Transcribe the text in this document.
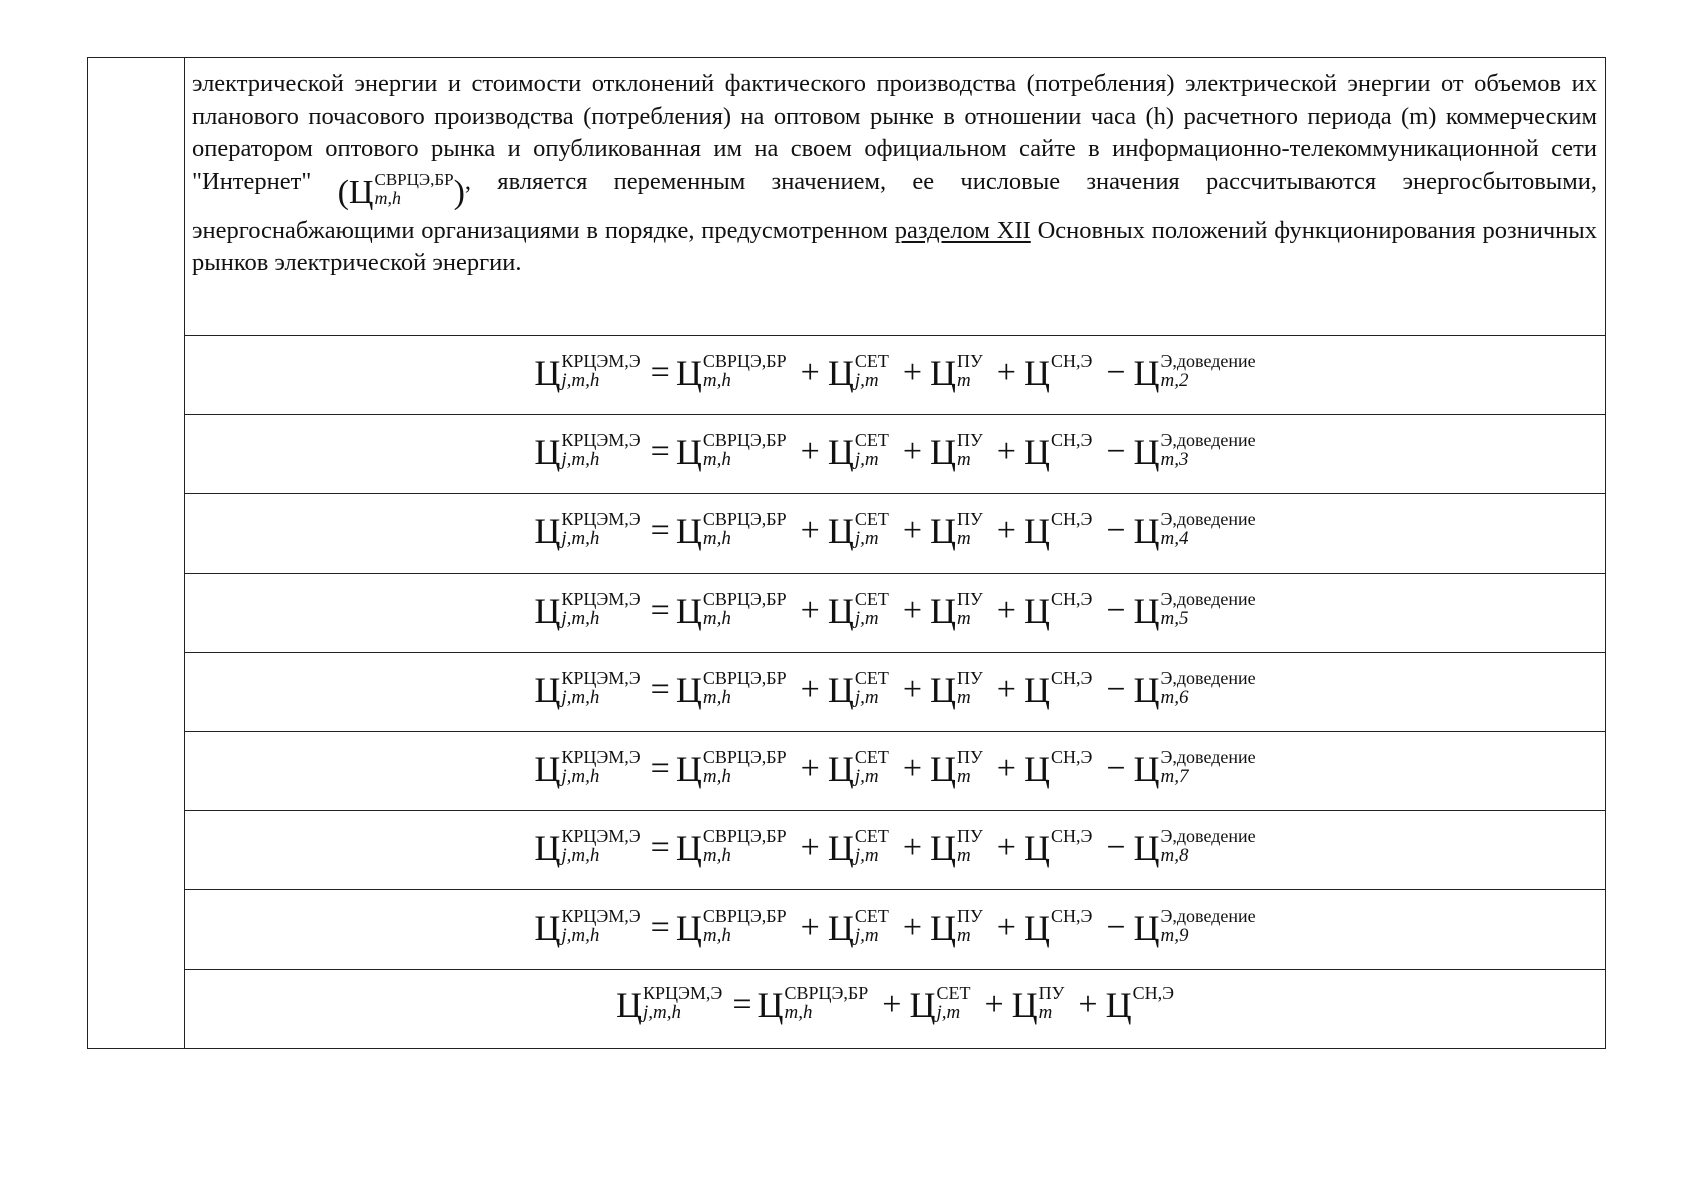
электрической энергии и стоимости отклонений фактического производства (потребления) электрической энергии от объемов их планового почасового производства (потребления) на оптовом рынке в отношении часа (h) расчетного периода (m) коммерческим оператором оптового рынка и опубликованная им на своем официальном сайте в информационно-телекоммуникационной сети "Интернет" ( Ц СВРЦЭ,БР
m,h ) , является переменным значением, ее числовые значения рассчитываются энергосбытовыми, энергоснабжающими организациями в порядке, предусмотренном разделом XII Основных положений функционирования розничных рынков электрической энергии.

Ц КРЦЭМ,Э
j,m,h = Ц СВРЦЭ,БР
m,h + Ц СЕТ
j,m + Ц ПУ
m + Ц СН,Э − Ц Э,доведение
m,2

Ц КРЦЭМ,Э
j,m,h = Ц СВРЦЭ,БР
m,h + Ц СЕТ
j,m + Ц ПУ
m + Ц СН,Э − Ц Э,доведение
m,3

Ц КРЦЭМ,Э
j,m,h = Ц СВРЦЭ,БР
m,h + Ц СЕТ
j,m + Ц ПУ
m + Ц СН,Э − Ц Э,доведение
m,4

Ц КРЦЭМ,Э
j,m,h = Ц СВРЦЭ,БР
m,h + Ц СЕТ
j,m + Ц ПУ
m + Ц СН,Э − Ц Э,доведение
m,5

Ц КРЦЭМ,Э
j,m,h = Ц СВРЦЭ,БР
m,h + Ц СЕТ
j,m + Ц ПУ
m + Ц СН,Э − Ц Э,доведение
m,6

Ц КРЦЭМ,Э
j,m,h = Ц СВРЦЭ,БР
m,h + Ц СЕТ
j,m + Ц ПУ
m + Ц СН,Э − Ц Э,доведение
m,7

Ц КРЦЭМ,Э
j,m,h = Ц СВРЦЭ,БР
m,h + Ц СЕТ
j,m + Ц ПУ
m + Ц СН,Э − Ц Э,доведение
m,8

Ц КРЦЭМ,Э
j,m,h = Ц СВРЦЭ,БР
m,h + Ц СЕТ
j,m + Ц ПУ
m + Ц СН,Э − Ц Э,доведение
m,9

Ц КРЦЭМ,Э
j,m,h = Ц СВРЦЭ,БР
m,h + Ц СЕТ
j,m + Ц ПУ
m + Ц СН,Э
